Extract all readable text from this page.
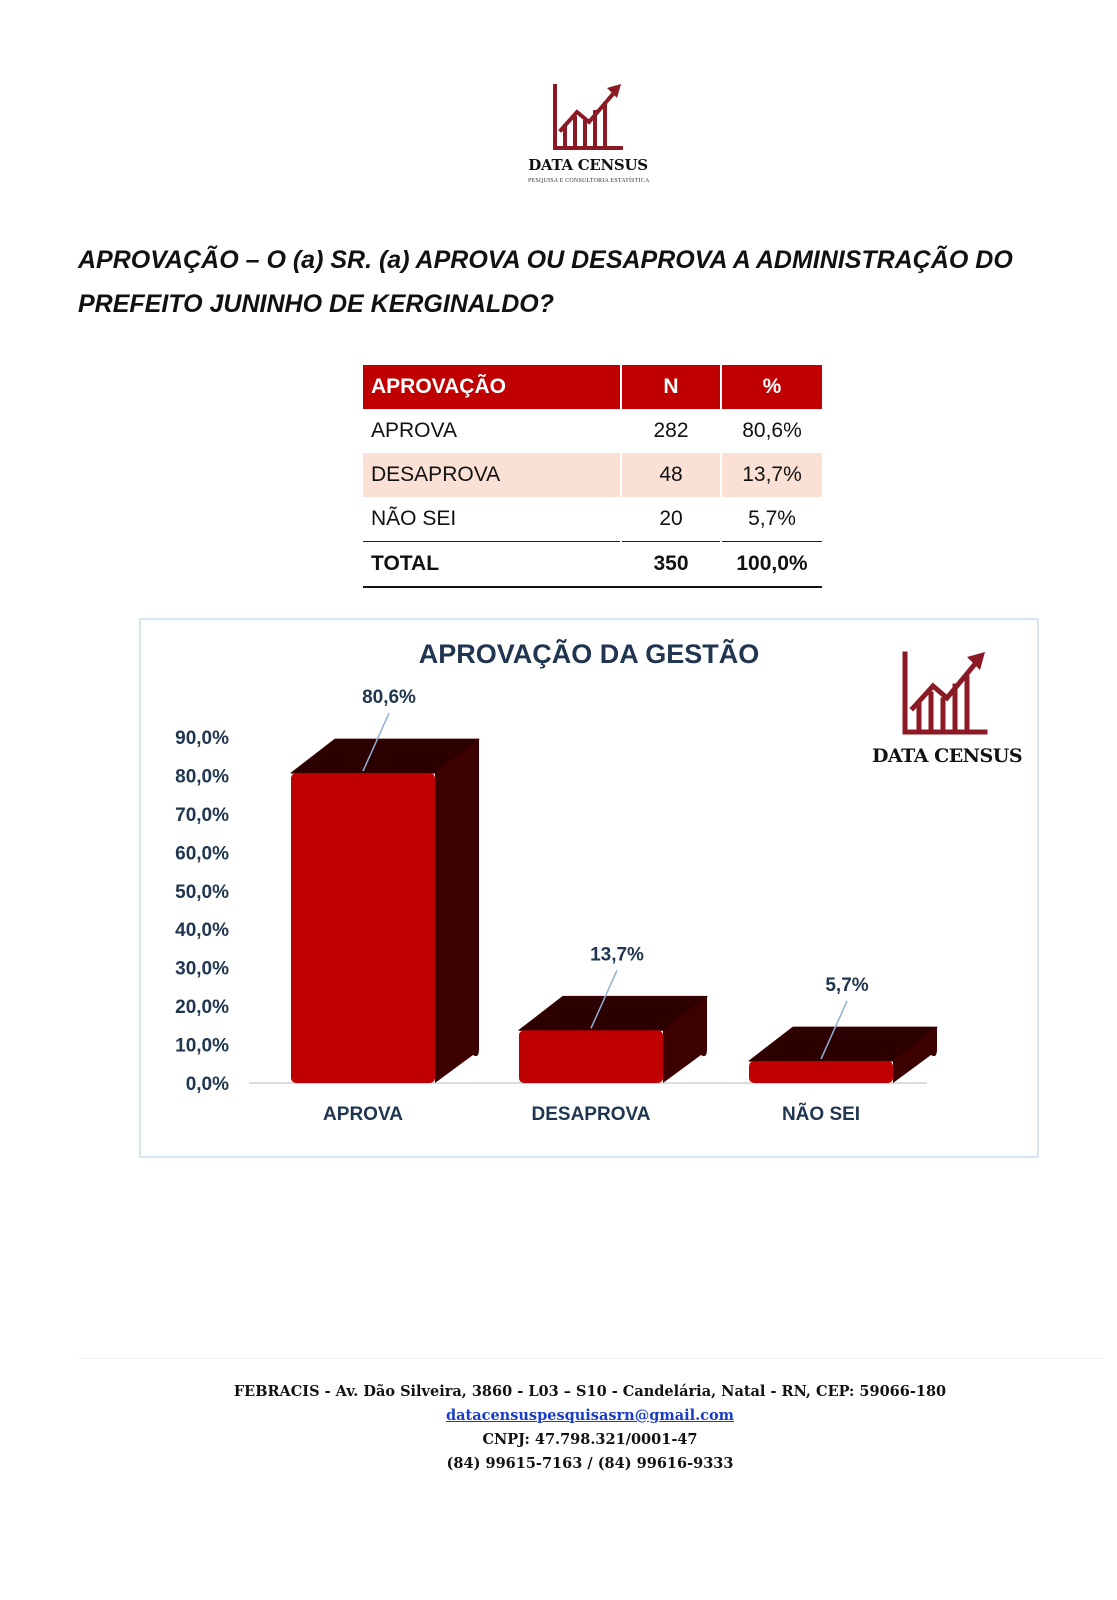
DATA CENSUS
PESQUISA E CONSULTORIA ESTATÍSTICA
APROVAÇÃO – O (a) SR. (a) APROVA OU DESAPROVA A ADMINISTRAÇÃO DO
PREFEITO JUNINHO DE KERGINALDO?
APROVAÇÃO	N	%
APROVA	282	80,6%
DESAPROVA	48	13,7%
NÃO SEI	20	5,7%
TOTAL	350	100,0%
APROVAÇÃO DA GESTÃO
0,0%
10,0%
20,0%
30,0%
40,0%
50,0%
60,0%
70,0%
80,0%
90,0%
80,6%
APROVA
13,7%
DESAPROVA
5,7%
NÃO SEI
DATA CENSUS
FEBRACIS - Av. Dão Silveira, 3860 - L03 – S10 - Candelária, Natal - RN, CEP: 59066-180
datacensuspesquisasrn@gmail.com
CNPJ: 47.798.321/0001-47
(84) 99615-7163 / (84) 99616-9333
